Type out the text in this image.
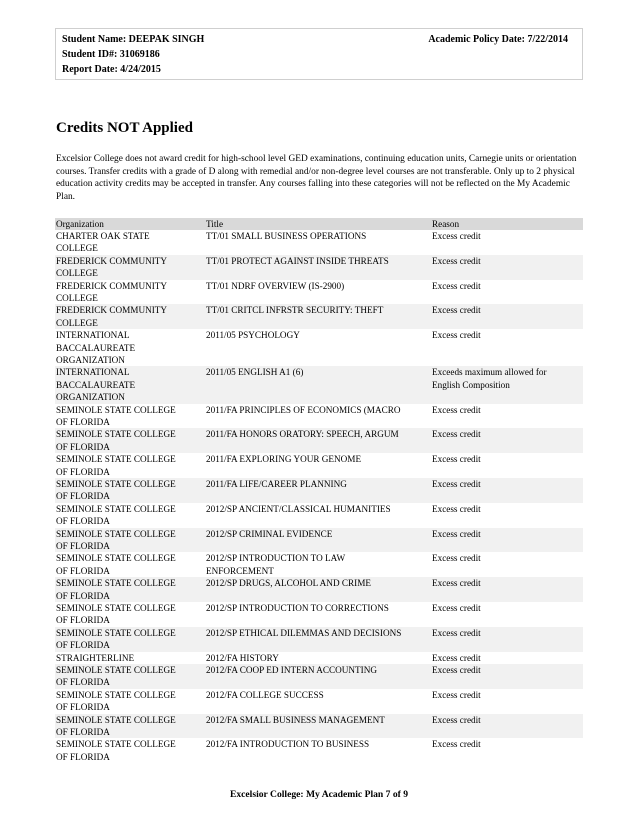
Student Name: DEEPAK SINGH	Academic Policy Date: 7/22/2014
Student ID#: 31069186
Report Date: 4/24/2015
Credits NOT Applied
Excelsior College does not award credit for high-school level GED examinations, continuing education units, Carnegie units or orientation courses. Transfer credits with a grade of D along with remedial and/or non-degree level courses are not transferable. Only up to 2 physical education activity credits may be accepted in transfer. Any courses falling into these categories will not be reflected on the My Academic Plan.
Organization	Title	Reason
CHARTER OAK STATE
COLLEGE
TT/01 SMALL BUSINESS OPERATIONS	Excess credit
FREDERICK COMMUNITY
COLLEGE
TT/01 PROTECT AGAINST INSIDE THREATS	Excess credit
FREDERICK COMMUNITY
COLLEGE
TT/01 NDRF OVERVIEW (IS-2900)	Excess credit
FREDERICK COMMUNITY
COLLEGE
TT/01 CRITCL INFRSTR SECURITY: THEFT	Excess credit
INTERNATIONAL
BACCALAUREATE
ORGANIZATION
2011/05 PSYCHOLOGY	Excess credit
INTERNATIONAL
BACCALAUREATE
ORGANIZATION
2011/05 ENGLISH A1 (6)	Exceeds maximum allowed for
English Composition
SEMINOLE STATE COLLEGE
OF FLORIDA
2011/FA PRINCIPLES OF ECONOMICS (MACRO	Excess credit
SEMINOLE STATE COLLEGE
OF FLORIDA
2011/FA HONORS ORATORY: SPEECH, ARGUM	Excess credit
SEMINOLE STATE COLLEGE
OF FLORIDA
2011/FA EXPLORING YOUR GENOME	Excess credit
SEMINOLE STATE COLLEGE
OF FLORIDA
2011/FA LIFE/CAREER PLANNING	Excess credit
SEMINOLE STATE COLLEGE
OF FLORIDA
2012/SP ANCIENT/CLASSICAL HUMANITIES	Excess credit
SEMINOLE STATE COLLEGE
OF FLORIDA
2012/SP CRIMINAL EVIDENCE	Excess credit
SEMINOLE STATE COLLEGE
OF FLORIDA
2012/SP INTRODUCTION TO LAW
ENFORCEMENT
Excess credit
SEMINOLE STATE COLLEGE
OF FLORIDA
2012/SP DRUGS, ALCOHOL AND CRIME	Excess credit
SEMINOLE STATE COLLEGE
OF FLORIDA
2012/SP INTRODUCTION TO CORRECTIONS	Excess credit
SEMINOLE STATE COLLEGE
OF FLORIDA
2012/SP ETHICAL DILEMMAS AND DECISIONS	Excess credit
STRAIGHTERLINE	2012/FA HISTORY	Excess credit
SEMINOLE STATE COLLEGE
OF FLORIDA
2012/FA COOP ED INTERN ACCOUNTING	Excess credit
SEMINOLE STATE COLLEGE
OF FLORIDA
2012/FA COLLEGE SUCCESS	Excess credit
SEMINOLE STATE COLLEGE
OF FLORIDA
2012/FA SMALL BUSINESS MANAGEMENT	Excess credit
SEMINOLE STATE COLLEGE
OF FLORIDA
2012/FA INTRODUCTION TO BUSINESS	Excess credit
Excelsior College: My Academic Plan 7 of 9
